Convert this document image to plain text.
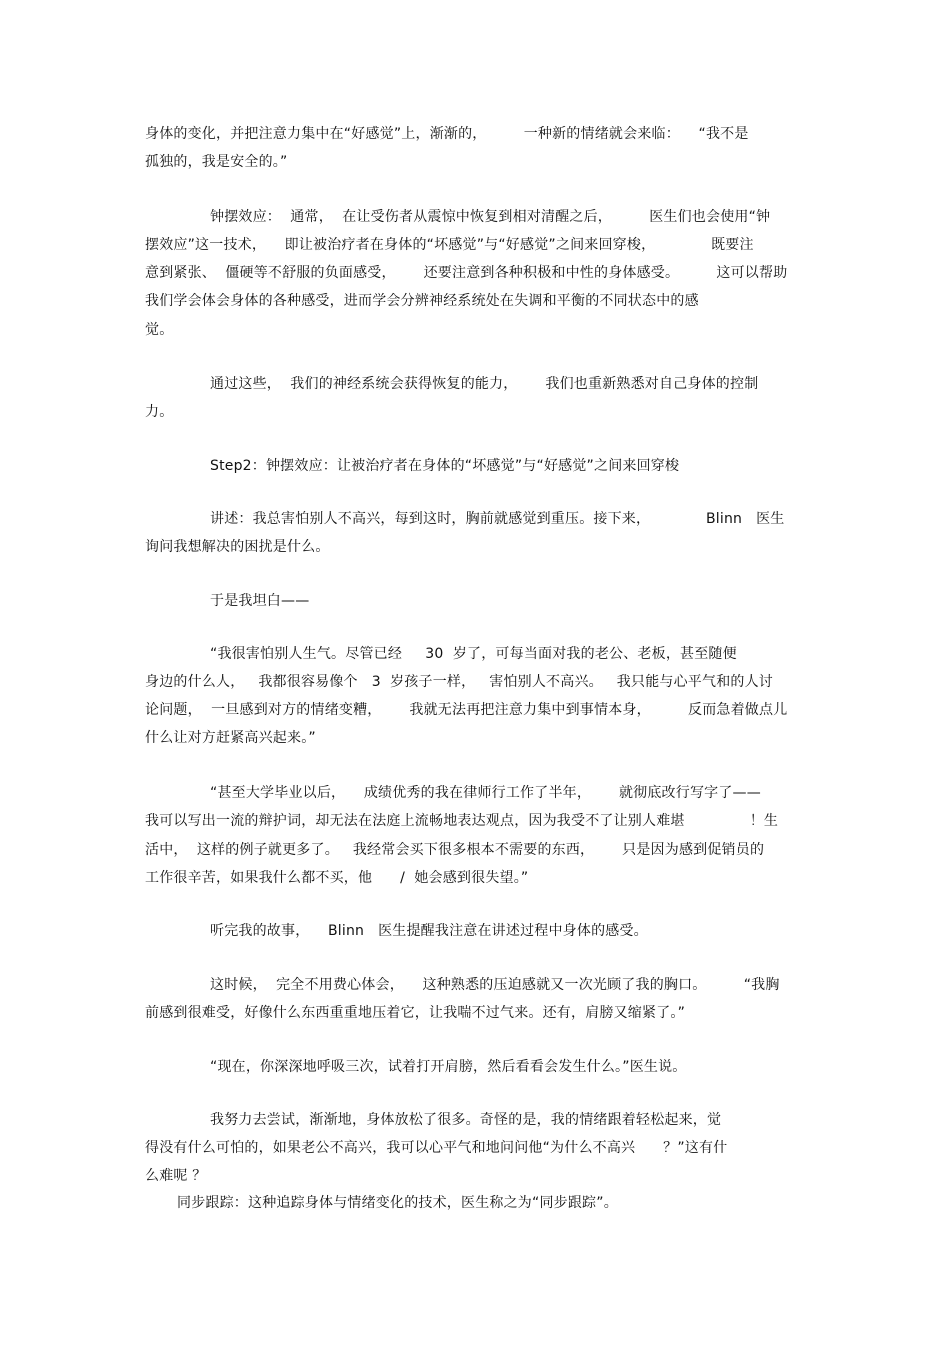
身体的变化，并把注意力集中在“好感觉”上，渐渐的，        一种新的情绪就会来临：    “我不是
孤独的，我是安全的。”
钟摆效应：  通常，  在让受伤者从震惊中恢复到相对清醒之后，        医生们也会使用“钟
摆效应”这一技术，    即让被治疗者在身体的“坏感觉”与“好感觉”之间来回穿梭，            既要注
意到紧张、  僵硬等不舒服的负面感受，      还要注意到各种积极和中性的身体感受。        这可以帮助
我们学会体会身体的各种感受，进而学会分辨神经系统处在失调和平衡的不同状态中的感
觉。
通过这些，  我们的神经系统会获得恢复的能力，      我们也重新熟悉对自己身体的控制
力。
Step2：钟摆效应：让被治疗者在身体的“坏感觉”与“好感觉”之间来回穿梭
讲述：我总害怕别人不高兴，每到这时，胸前就感觉到重压。接下来，            Blinn   医生
询问我想解决的困扰是什么。
于是我坦白——
“我很害怕别人生气。尽管已经     30  岁了，可每当面对我的老公、老板，甚至随便
身边的什么人，   我都很容易像个   3  岁孩子一样，   害怕别人不高兴。   我只能与心平气和的人讨
论问题，  一旦感到对方的情绪变糟，      我就无法再把注意力集中到事情本身，        反而急着做点儿
什么让对方赶紧高兴起来。”
“甚至大学毕业以后，    成绩优秀的我在律师行工作了半年，      就彻底改行写字了——
我可以写出一流的辩护词，却无法在法庭上流畅地表达观点，因为我受不了让别人难堪              ！生
活中，  这样的例子就更多了。   我经常会买下很多根本不需要的东西，      只是因为感到促销员的
工作很辛苦，如果我什么都不买，他      /  她会感到很失望。”
听完我的故事，    Blinn   医生提醒我注意在讲述过程中身体的感受。
这时候，  完全不用费心体会，    这种熟悉的压迫感就又一次光顾了我的胸口。        “我胸
前感到很难受，好像什么东西重重地压着它，让我喘不过气来。还有，肩膀又缩紧了。”
“现在，你深深地呼吸三次，试着打开肩膀，然后看看会发生什么。”医生说。
我努力去尝试，渐渐地，身体放松了很多。奇怪的是，我的情绪跟着轻松起来，觉
得没有什么可怕的，如果老公不高兴，我可以心平气和地问问他“为什么不高兴      ？”这有什
么难呢 ？
同步跟踪：这种追踪身体与情绪变化的技术，医生称之为“同步跟踪”。
